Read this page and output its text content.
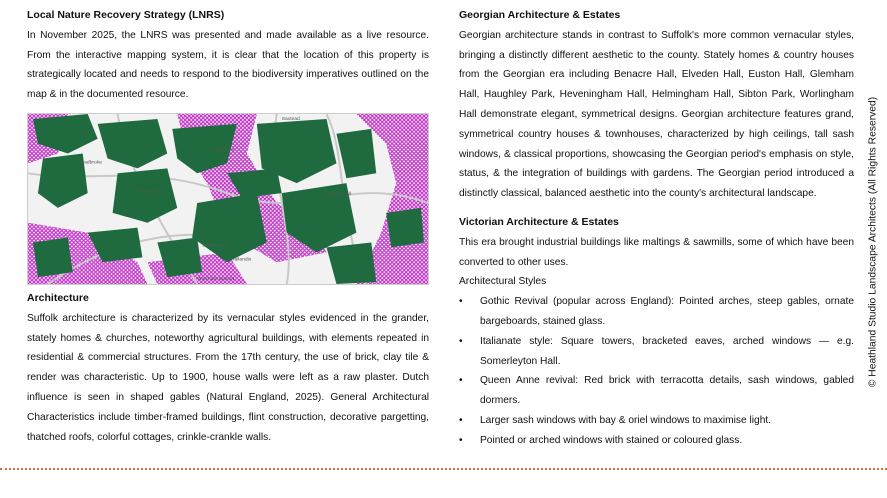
Local Nature Recovery Strategy (LNRS)

In November 2025, the LNRS was presented and made available as a live resource. From the interactive mapping system, it is clear that the location of this property is strategically located and needs to respond to the biodiversity imperatives outlined on the map & in the documented resource.

Saxtead
Framsden
Stradbroke
Peasenhall
Debenham
Tailandis
Stowmarket
Wickham Market
Architecture

Suffolk architecture is characterized by its vernacular styles evidenced in the grander, stately homes & churches, noteworthy agricultural buildings, with elements repeated in residential & commercial structures. From the 17th century, the use of brick, clay tile & render was characteristic. Up to 1900, house walls were left as a raw plaster. Dutch influence is seen in shaped gables (Natural England, 2025). General Architectural Characteristics include timber-framed buildings, flint construction, decorative pargetting, thatched roofs, colorful cottages, crinkle-crankle walls.

Georgian Architecture & Estates

Georgian architecture stands in contrast to Suffolk's more common vernacular styles, bringing a distinctly different aesthetic to the county. Stately homes & country houses from the Georgian era including Benacre Hall, Elveden Hall, Euston Hall, Glemham Hall, Haughley Park, Heveningham Hall, Helmingham Hall, Sibton Park, Worlingham Hall demonstrate elegant, symmetrical designs. Georgian architecture features grand, symmetrical country houses & townhouses, characterized by high ceilings, tall sash windows, & classical proportions, showcasing the Georgian period's emphasis on style, status, & the integration of buildings with gardens. The Georgian period introduced a distinctly classical, balanced aesthetic into the county's architectural landscape.

Victorian Architecture & Estates

This era brought industrial buildings like maltings & sawmills, some of which have been converted to other uses.

Architectural Styles

• Gothic Revival (popular across England): Pointed arches, steep gables, ornate bargeboards, stained glass.
• Italianate style: Square towers, bracketed eaves, arched windows — e.g. Somerleyton Hall.
• Queen Anne revival: Red brick with terracotta details, sash windows, gabled dormers.
• Larger sash windows with bay & oriel windows to maximise light.
• Pointed or arched windows with stained or coloured glass.
© Heathland Studio Landscape Architects (All Rights Reserved)
